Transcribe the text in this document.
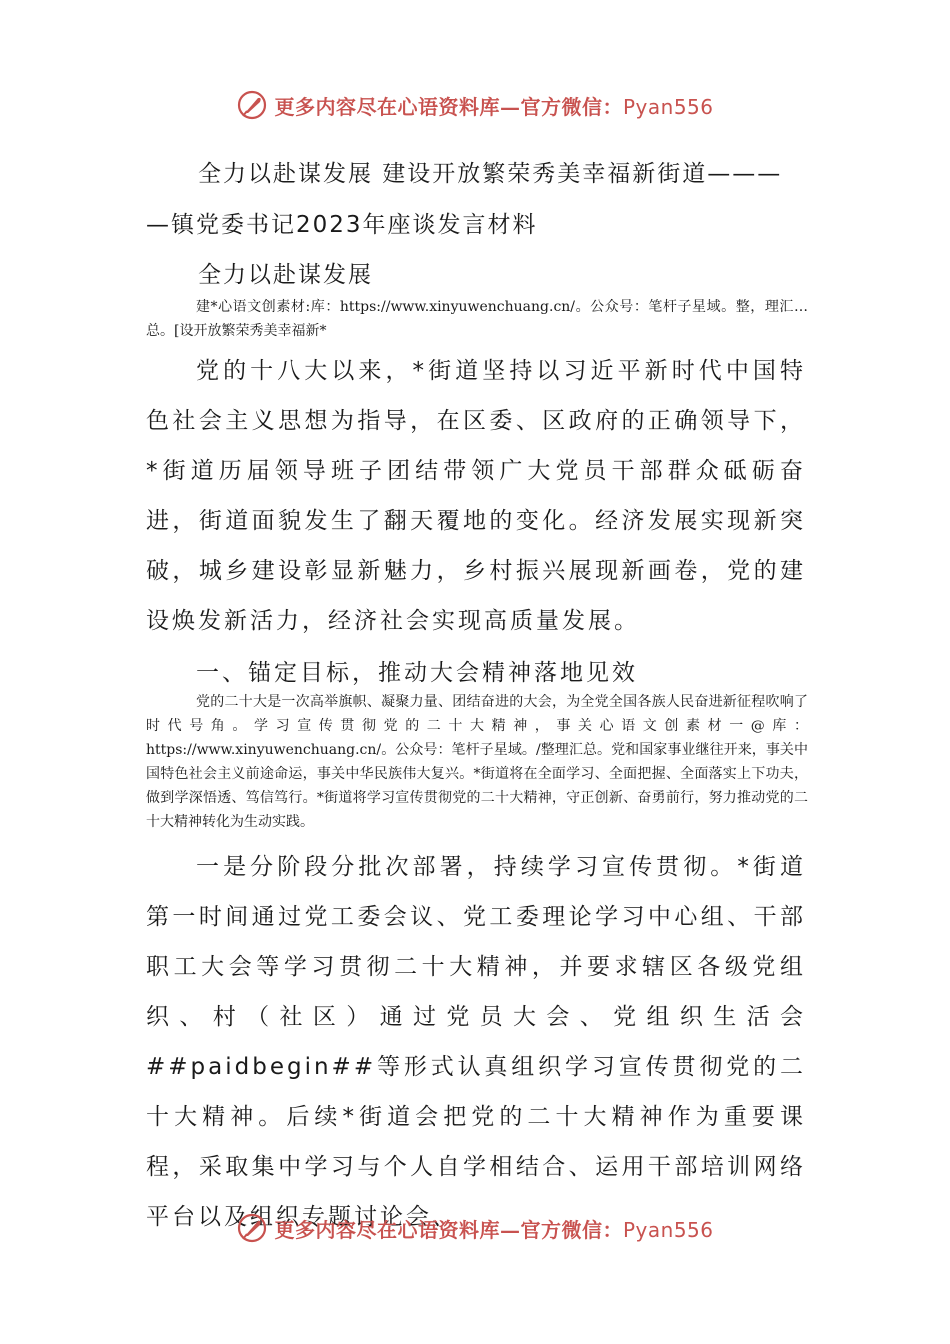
更多内容尽在心语资料库—官方微信：Pyan556
全力以赴谋发展 建设开放繁荣秀美幸福新街道———
—镇党委书记2023年座谈发言材料
全力以赴谋发展

建*心语文创素材:库：https://www.xinyuwenchuang.cn/。公众号：笔杆子星域。整，理汇…总。[设开放繁荣秀美幸福新*

党的十八大以来，*街道坚持以习近平新时代中国特色社会主义思想为指导，在区委、区政府的正确领导下，*街道历届领导班子团结带领广大党员干部群众砥砺奋进，街道面貌发生了翻天覆地的变化。经济发展实现新突破，城乡建设彰显新魅力，乡村振兴展现新画卷，党的建设焕发新活力，经济社会实现高质量发展。

一、锚定目标，推动大会精神落地见效

党的二十大是一次高举旗帜、凝聚力量、团结奋进的大会，为全党全国各族人民奋进新征程吹响了时代号角。学习宣传贯彻党的二十大精神，事关心语文创素材一@库：https://www.xinyuwenchuang.cn/。公众号：笔杆子星域。/整理汇总。党和国家事业继往开来，事关中国特色社会主义前途命运，事关中华民族伟大复兴。*街道将在全面学习、全面把握、全面落实上下功夫，做到学深悟透、笃信笃行。*街道将学习宣传贯彻党的二十大精神，守正创新、奋勇前行，努力推动党的二十大精神转化为生动实践。

一是分阶段分批次部署，持续学习宣传贯彻。*街道第一时间通过党工委会议、党工委理论学习中心组、干部职工大会等学习贯彻二十大精神，并要求辖区各级党组织、村（社区）通过党员大会、党组织生活会##paidbegin##等形式认真组织学习宣传贯彻党的二十大精神。后续*街道会把党的二十大精神作为重要课程，采取集中学习与个人自学相结合、运用干部培训网络平台以及组织专题讨论会、

更多内容尽在心语资料库—官方微信：Pyan556
